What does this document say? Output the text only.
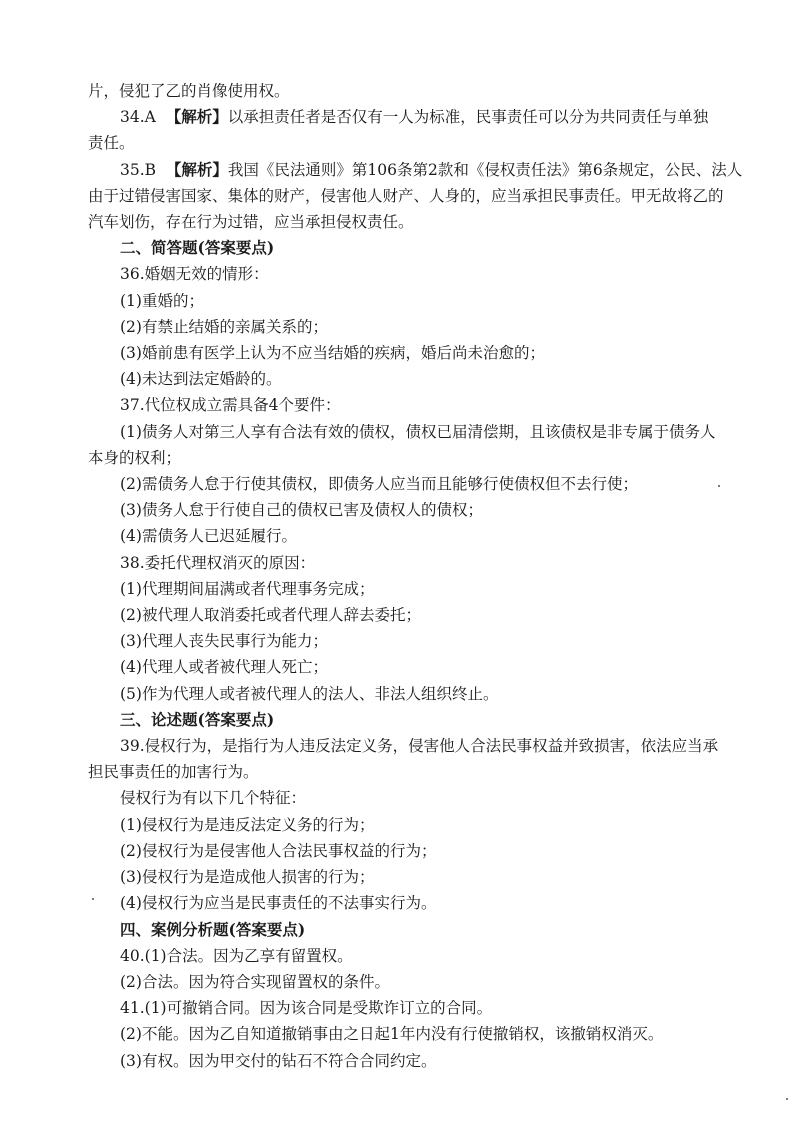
片，侵犯了乙的肖像使用权。
34.A 【解析】以承担责任者是否仅有一人为标准，民事责任可以分为共同责任与单独
责任。
35.B 【解析】我国《民法通则》第106条第2款和《侵权责任法》第6条规定，公民、法人
由于过错侵害国家、集体的财产，侵害他人财产、人身的，应当承担民事责任。甲无故将乙的
汽车划伤，存在行为过错，应当承担侵权责任。
二、简答题(答案要点)
36.婚姻无效的情形：
(1)重婚的；
(2)有禁止结婚的亲属关系的；
(3)婚前患有医学上认为不应当结婚的疾病，婚后尚未治愈的；
(4)未达到法定婚龄的。
37.代位权成立需具备4个要件：
(1)债务人对第三人享有合法有效的债权，债权已届清偿期，且该债权是非专属于债务人
本身的权利；
(2)需债务人怠于行使其债权，即债务人应当而且能够行使债权但不去行使；
(3)债务人怠于行使自己的债权已害及债权人的债权；
(4)需债务人已迟延履行。
38.委托代理权消灭的原因：
(1)代理期间届满或者代理事务完成；
(2)被代理人取消委托或者代理人辞去委托；
(3)代理人丧失民事行为能力；
(4)代理人或者被代理人死亡；
(5)作为代理人或者被代理人的法人、非法人组织终止。
三、论述题(答案要点)
39.侵权行为，是指行为人违反法定义务，侵害他人合法民事权益并致损害，依法应当承
担民事责任的加害行为。
侵权行为有以下几个特征：
(1)侵权行为是违反法定义务的行为；
(2)侵权行为是侵害他人合法民事权益的行为；
(3)侵权行为是造成他人损害的行为；
(4)侵权行为应当是民事责任的不法事实行为。
四、案例分析题(答案要点)
40.(1)合法。因为乙享有留置权。
(2)合法。因为符合实现留置权的条件。
41.(1)可撤销合同。因为该合同是受欺诈订立的合同。
(2)不能。因为乙自知道撤销事由之日起1年内没有行使撤销权，该撤销权消灭。
(3)有权。因为甲交付的钻石不符合合同约定。
